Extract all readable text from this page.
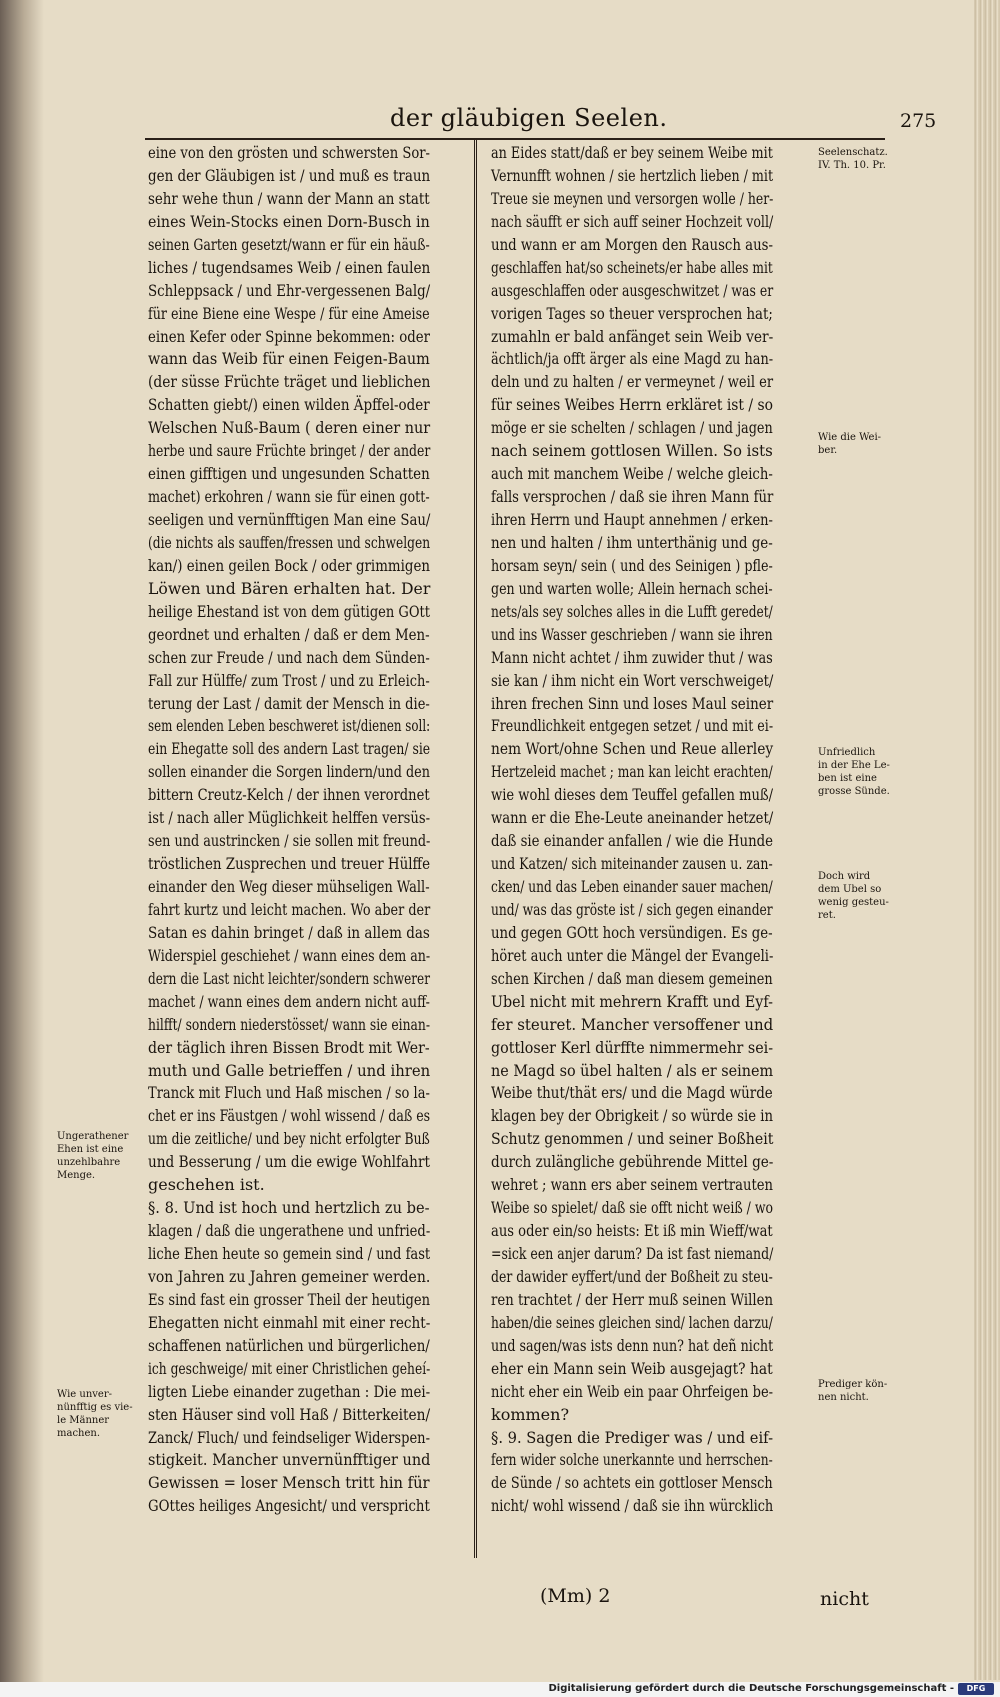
der gläubigen Seelen.	275
eine von den grösten und schwersten Sor-
gen der Gläubigen ist / und muß es traun
sehr wehe thun / wann der Mann an statt
eines Wein-Stocks einen Dorn-Busch in
seinen Garten gesetzt/wann er für ein häuß-
liches / tugendsames Weib / einen faulen
Schleppsack / und Ehr-vergessenen Balg/
für eine Biene eine Wespe / für eine Ameise
einen Kefer oder Spinne bekommen: oder
wann das Weib für einen Feigen-Baum
(der süsse Früchte träget und lieblichen
Schatten giebt/) einen wilden Äpffel-oder
Welschen Nuß-Baum ( deren einer nur
herbe und saure Früchte bringet / der ander
einen gifftigen und ungesunden Schatten
machet) erkohren / wann sie für einen gott-
seeligen und vernünfftigen Man eine Sau/
(die nichts als sauffen/fressen und schwelgen
kan/) einen geilen Bock / oder grimmigen
Löwen und Bären erhalten hat. Der
heilige Ehestand ist von dem gütigen GOtt
geordnet und erhalten / daß er dem Men-
schen zur Freude / und nach dem Sünden-
Fall zur Hülffe/ zum Trost / und zu Erleich-
terung der Last / damit der Mensch in die-
sem elenden Leben beschweret ist/dienen soll:
ein Ehegatte soll des andern Last tragen/ sie
sollen einander die Sorgen lindern/und den
bittern Creutz-Kelch / der ihnen verordnet
ist / nach aller Müglichkeit helffen versüs-
sen und austrincken / sie sollen mit freund-
tröstlichen Zusprechen und treuer Hülffe
einander den Weg dieser mühseligen Wall-
fahrt kurtz und leicht machen. Wo aber der
Satan es dahin bringet / daß in allem das
Widerspiel geschiehet / wann eines dem an-
dern die Last nicht leichter/sondern schwerer
machet / wann eines dem andern nicht auff-
hilfft/ sondern niederstösset/ wann sie einan-
der täglich ihren Bissen Brodt mit Wer-
muth und Galle betrieffen / und ihren
Tranck mit Fluch und Haß mischen / so la-
chet er ins Fäustgen / wohl wissend / daß es
um die zeitliche/ und bey nicht erfolgter Buß
und Besserung / um die ewige Wohlfahrt
geschehen ist.
§. 8. Und ist hoch und hertzlich zu be-
klagen / daß die ungerathene und unfried-
liche Ehen heute so gemein sind / und fast
von Jahren zu Jahren gemeiner werden.
Es sind fast ein grosser Theil der heutigen
Ehegatten nicht einmahl mit einer recht-
schaffenen natürlichen und bürgerlichen/
ich geschweige/ mit einer Christlichen geheí-
ligten Liebe einander zugethan : Die mei-
sten Häuser sind voll Haß / Bitterkeiten/
Zanck/ Fluch/ und feindseliger Widerspen-
stigkeit. Mancher unvernünfftiger und
Gewissen = loser Mensch tritt hin für
GOttes heiliges Angesicht/ und verspricht
an Eides statt/daß er bey seinem Weibe mit
Vernunfft wohnen / sie hertzlich lieben / mit
Treue sie meynen und versorgen wolle / her-
nach säufft er sich auff seiner Hochzeit voll/
und wann er am Morgen den Rausch aus-
geschlaffen hat/so scheinets/er habe alles mit
ausgeschlaffen oder ausgeschwitzet / was er
vorigen Tages so theuer versprochen hat;
zumahln er bald anfänget sein Weib ver-
ächtlich/ja offt ärger als eine Magd zu han-
deln und zu halten / er vermeynet / weil er
für seines Weibes Herrn erkläret ist / so
möge er sie schelten / schlagen / und jagen
nach seinem gottlosen Willen. So ists
auch mit manchem Weibe / welche gleich-
falls versprochen / daß sie ihren Mann für
ihren Herrn und Haupt annehmen / erken-
nen und halten / ihm unterthänig und ge-
horsam seyn/ sein ( und des Seinigen ) pfle-
gen und warten wolle; Allein hernach schei-
nets/als sey solches alles in die Lufft geredet/
und ins Wasser geschrieben / wann sie ihren
Mann nicht achtet / ihm zuwider thut / was
sie kan / ihm nicht ein Wort verschweiget/
ihren frechen Sinn und loses Maul seiner
Freundlichkeit entgegen setzet / und mit ei-
nem Wort/ohne Schen und Reue allerley
Hertzeleid machet ; man kan leicht erachten/
wie wohl dieses dem Teuffel gefallen muß/
wann er die Ehe-Leute aneinander hetzet/
daß sie einander anfallen / wie die Hunde
und Katzen/ sich miteinander zausen u. zan-
cken/ und das Leben einander sauer machen/
und/ was das gröste ist / sich gegen einander
und gegen GOtt hoch versündigen. Es ge-
höret auch unter die Mängel der Evangeli-
schen Kirchen / daß man diesem gemeinen
Ubel nicht mit mehrern Krafft und Eyf-
fer steuret. Mancher versoffener und
gottloser Kerl dürffte nimmermehr sei-
ne Magd so übel halten / als er seinem
Weibe thut/thät ers/ und die Magd würde
klagen bey der Obrigkeit / so würde sie in
Schutz genommen / und seiner Boßheit
durch zulängliche gebührende Mittel ge-
wehret ; wann ers aber seinem vertrauten
Weibe so spielet/ daß sie offt nicht weiß / wo
aus oder ein/so heists: Et iß min Wieff/wat
=sick een anjer darum? Da ist fast niemand/
der dawider eyffert/und der Boßheit zu steu-
ren trachtet / der Herr muß seinen Willen
haben/die seines gleichen sind/ lachen darzu/
und sagen/was ists denn nun? hat deñ nicht
eher ein Mann sein Weib ausgejagt? hat
nicht eher ein Weib ein paar Ohrfeigen be-
kommen?
§. 9. Sagen die Prediger was / und eif-
fern wider solche unerkannte und herrschen-
de Sünde / so achtets ein gottloser Mensch
nicht/ wohl wissend / daß sie ihn würcklich
Seelenschatz.
IV. Th. 10. Pr.
Wie die Wei-
ber.
Unfriedlich
in der Ehe Le-
ben ist eine
grosse Sünde.
Doch wird
dem Ubel so
wenig gesteu-
ret.
Ungerathener
Ehen ist eine
unzehlbahre
Menge.
Wie unver-
nünfftig es vie-
le Männer
machen.
Prediger kön-
nen nicht.
(Mm) 2	nicht
Digitalisierung gefördert durch die Deutsche Forschungsgemeinschaft -	DFG
